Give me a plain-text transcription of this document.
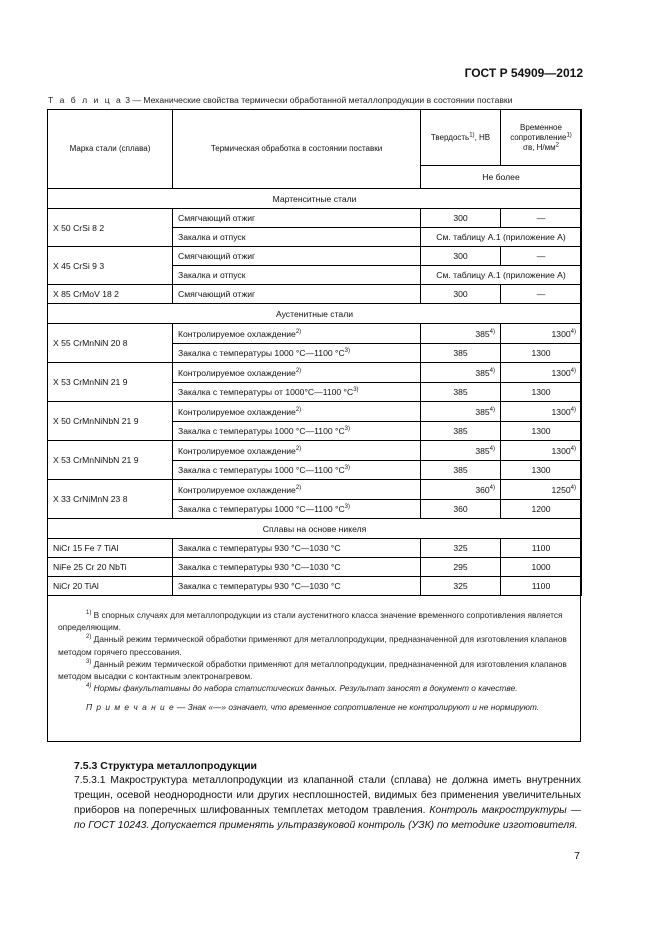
ГОСТ Р 54909—2012
Т а б л и ц а 3 — Механические свойства термически обработанной металлопродукции в состоянии поставки
Марка стали (сплава)	Термическая обработка в состоянии поставки	Твердость$^{1)}$, НВ	Временное
сопротивление$^{1)}$
σв, $Н/мм^2$
		Не более	
Мартенситные стали			
X 50 CrSi 8 2	Смягчающий отжиг	300	—
	Закалка и отпуск	См. таблицу А.1 (приложение А)	
X 45 CrSi 9 3	Смягчающий отжиг	300	—
	Закалка и отпуск	См. таблицу А.1 (приложение А)	
X 85 CrMoV 18 2	Смягчающий отжиг	300	—
Аустенитные стали			
X 55 CrMnNiN 20 8	Контролируемое охлаждение$^{2)}$	385$^{4)}$	1300$^{4)}$
	Закалка с температуры 1000 °С—1100 $^\circ С^{3)}$	385	1300
X 53 CrMnNiN 21 9	Контролируемое охлаждение$^{2)}$	385$^{4)}$	1300$^{4)}$
	Закалка с температуры от 1000°С—1100 $^\circ С^{3)}$	385	1300
X 50 CrMnNiNbN 21 9	Контролируемое охлаждение$^{2)}$	385$^{4)}$	1300$^{4)}$
	Закалка с температуры 1000 °С—1100 $^\circ С^{3)}$	385	1300
X 53 CrMnNiNbN 21 9	Контролируемое охлаждение$^{2)}$	385$^{4)}$	1300$^{4)}$
	Закалка с температуры 1000 °С—1100 $^\circ С^{3)}$	385	1300
X 33 CrNiMnN 23 8	Контролируемое охлаждение$^{2)}$	360$^{4)}$	1250$^{4)}$
	Закалка с температуры 1000 °С—1100 $^\circ С^{3)}$	360	1200
Сплавы на основе никеля			
NiCr 15 Fe 7 TiAl	Закалка с температуры 930 °С—1030 °С	325	1100
NiFe 25 Cr 20 NbTi	Закалка с температуры 930 °С—1030 °С	295	1000
NiCr 20 TiAl	Закалка с температуры 930 °С—1030 °С	325	1100

$^{1)}$ В спорных случаях для металлопродукции из стали аустенитного класса значение временного сопротивления является определяющим.

$^{2)}$ Данный режим термической обработки применяют для металлопродукции, предназначенной для изготовления клапанов методом горячего прессования.

$^{3)}$ Данный режим термической обработки применяют для металлопродукции, предназначенной для изготовления клапанов методом высадки с контактным электронагревом.

$^{4)}$ Нормы факультативны до набора статистических данных. Результат заносят в документ о качестве.

П р и м е ч а н и е — Знак «—» означает, что временное сопротивление не контролируют и не нормируют.

7.5.3 Структура металлопродукции

7.5.3.1 Макроструктура металлопродукции из клапанной стали (сплава) не должна иметь внутренних трещин, осевой неоднородности или других несплошностей, видимых без применения увеличительных приборов на поперечных шлифованных темплетах методом травления. Контроль макроструктуры — по ГОСТ 10243. Допускается применять ультразвуковой контроль (УЗК) по методике изготовителя.

7
